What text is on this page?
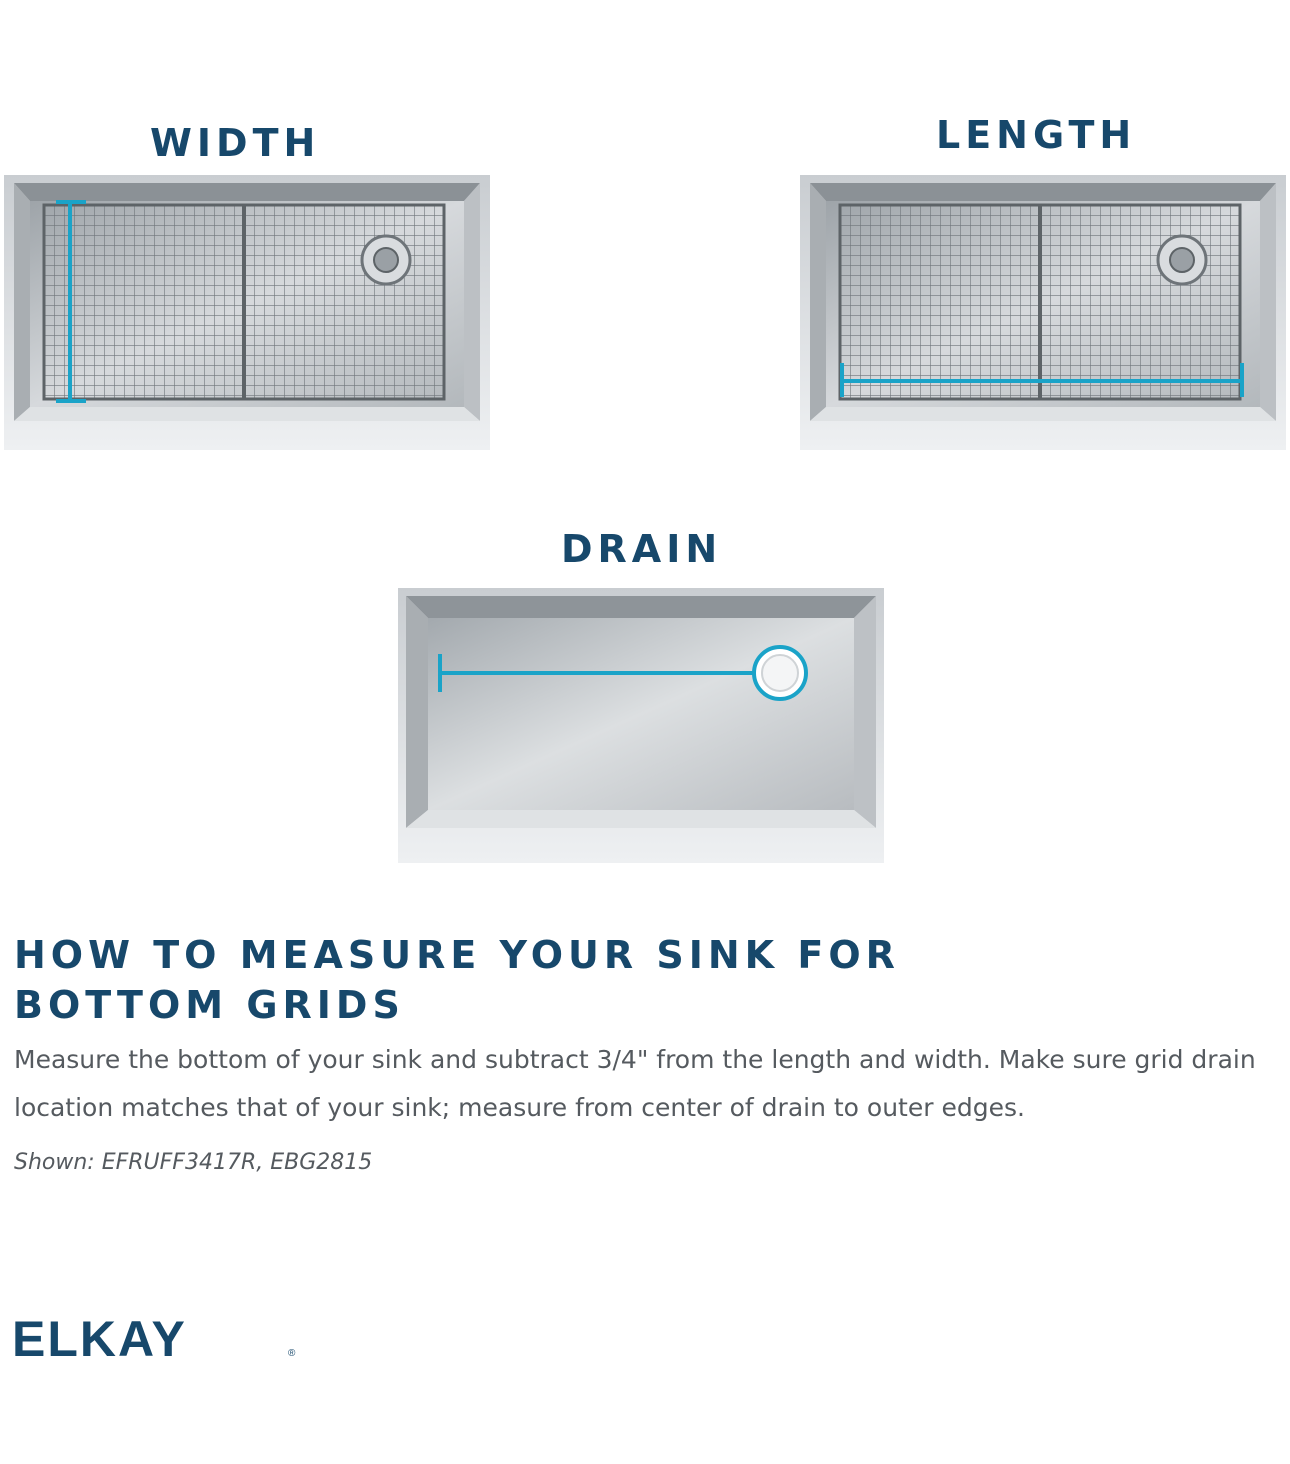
WIDTH	LENGTH
DRAIN
HOW TO MEASURE YOUR SINK FOR
BOTTOM GRIDS

Measure the bottom of your sink and subtract 3/4" from the length and width. Make sure grid drain location matches that of your sink; measure from center of drain to outer edges.

Shown: EFRUFF3417R, EBG2815

ELKAY	®
